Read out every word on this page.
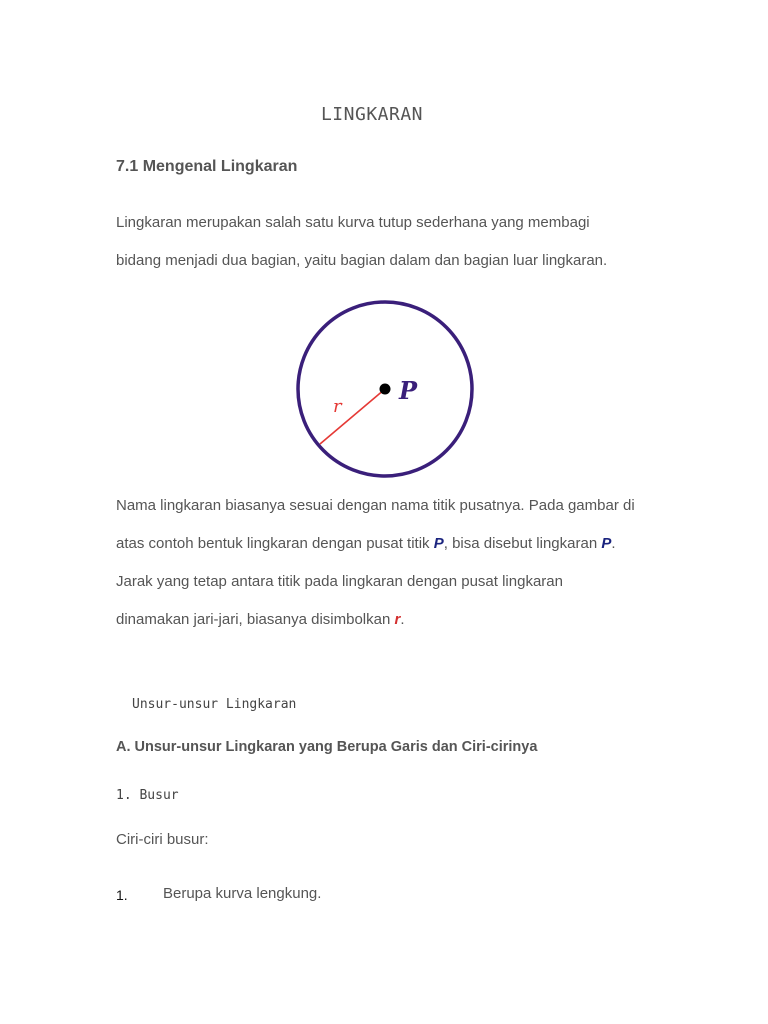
LINGKARAN
7.1 Mengenal Lingkaran
Lingkaran merupakan salah satu kurva tutup sederhana yang membagi
bidang menjadi dua bagian, yaitu bagian dalam dan bagian luar lingkaran.
P
r
Nama lingkaran biasanya sesuai dengan nama titik pusatnya. Pada gambar di
atas contoh bentuk lingkaran dengan pusat titik P, bisa disebut lingkaran P.
Jarak yang tetap antara titik pada lingkaran dengan pusat lingkaran
dinamakan jari-jari, biasanya disimbolkan r.
Unsur-unsur Lingkaran
A. Unsur-unsur Lingkaran yang Berupa Garis dan Ciri-cirinya
1. Busur
Ciri-ciri busur:
1. Berupa kurva lengkung.
